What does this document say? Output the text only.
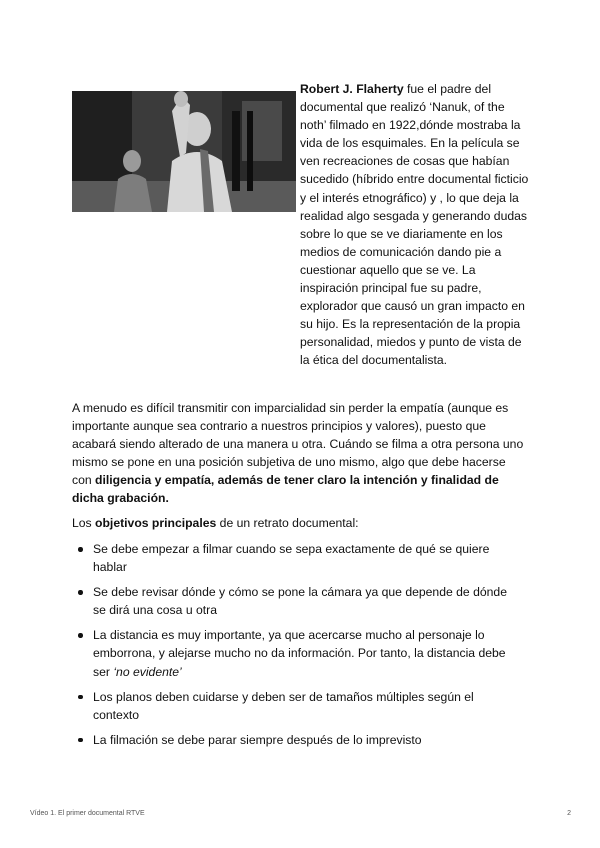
Robert J. Flaherty fue el padre del documental que realizó ‘Nanuk, of the noth’ filmado en 1922,dónde mostraba la vida de los esquimales. En la película se ven recreaciones de cosas que habían sucedido (híbrido entre documental ficticio y el interés etnográfico) y , lo que deja la realidad algo sesgada y generando dudas sobre lo que se ve diariamente en los medios de comunicación dando pie a cuestionar aquello que se ve. La inspiración principal fue su padre, explorador que causó un gran impacto en su hijo. Es la representación de la propia personalidad, miedos y punto de vista de la ética del documentalista.

A menudo es difícil transmitir con imparcialidad sin perder la empatía (aunque es importante aunque sea contrario a nuestros principios y valores), puesto que acabará siendo alterado de una manera u otra. Cuándo se filma a otra persona uno mismo se pone en una posición subjetiva de uno mismo, algo que debe hacerse con diligencia y empatía, además de tener claro la intención y finalidad de dicha grabación.

Los objetivos principales de un retrato documental:

Se debe empezar a filmar cuando se sepa exactamente de qué se quiere hablar
Se debe revisar dónde y cómo se pone la cámara ya que depende de dónde se dirá una cosa u otra
La distancia es muy importante, ya que acercarse mucho al personaje lo emborrona, y alejarse mucho no da información. Por tanto, la distancia debe ser ‘no evidente’
Los planos deben cuidarse y deben ser de tamaños múltiples según el contexto
La filmación se debe parar siempre después de lo imprevisto
Vídeo 1. El primer documental RTVE	2
